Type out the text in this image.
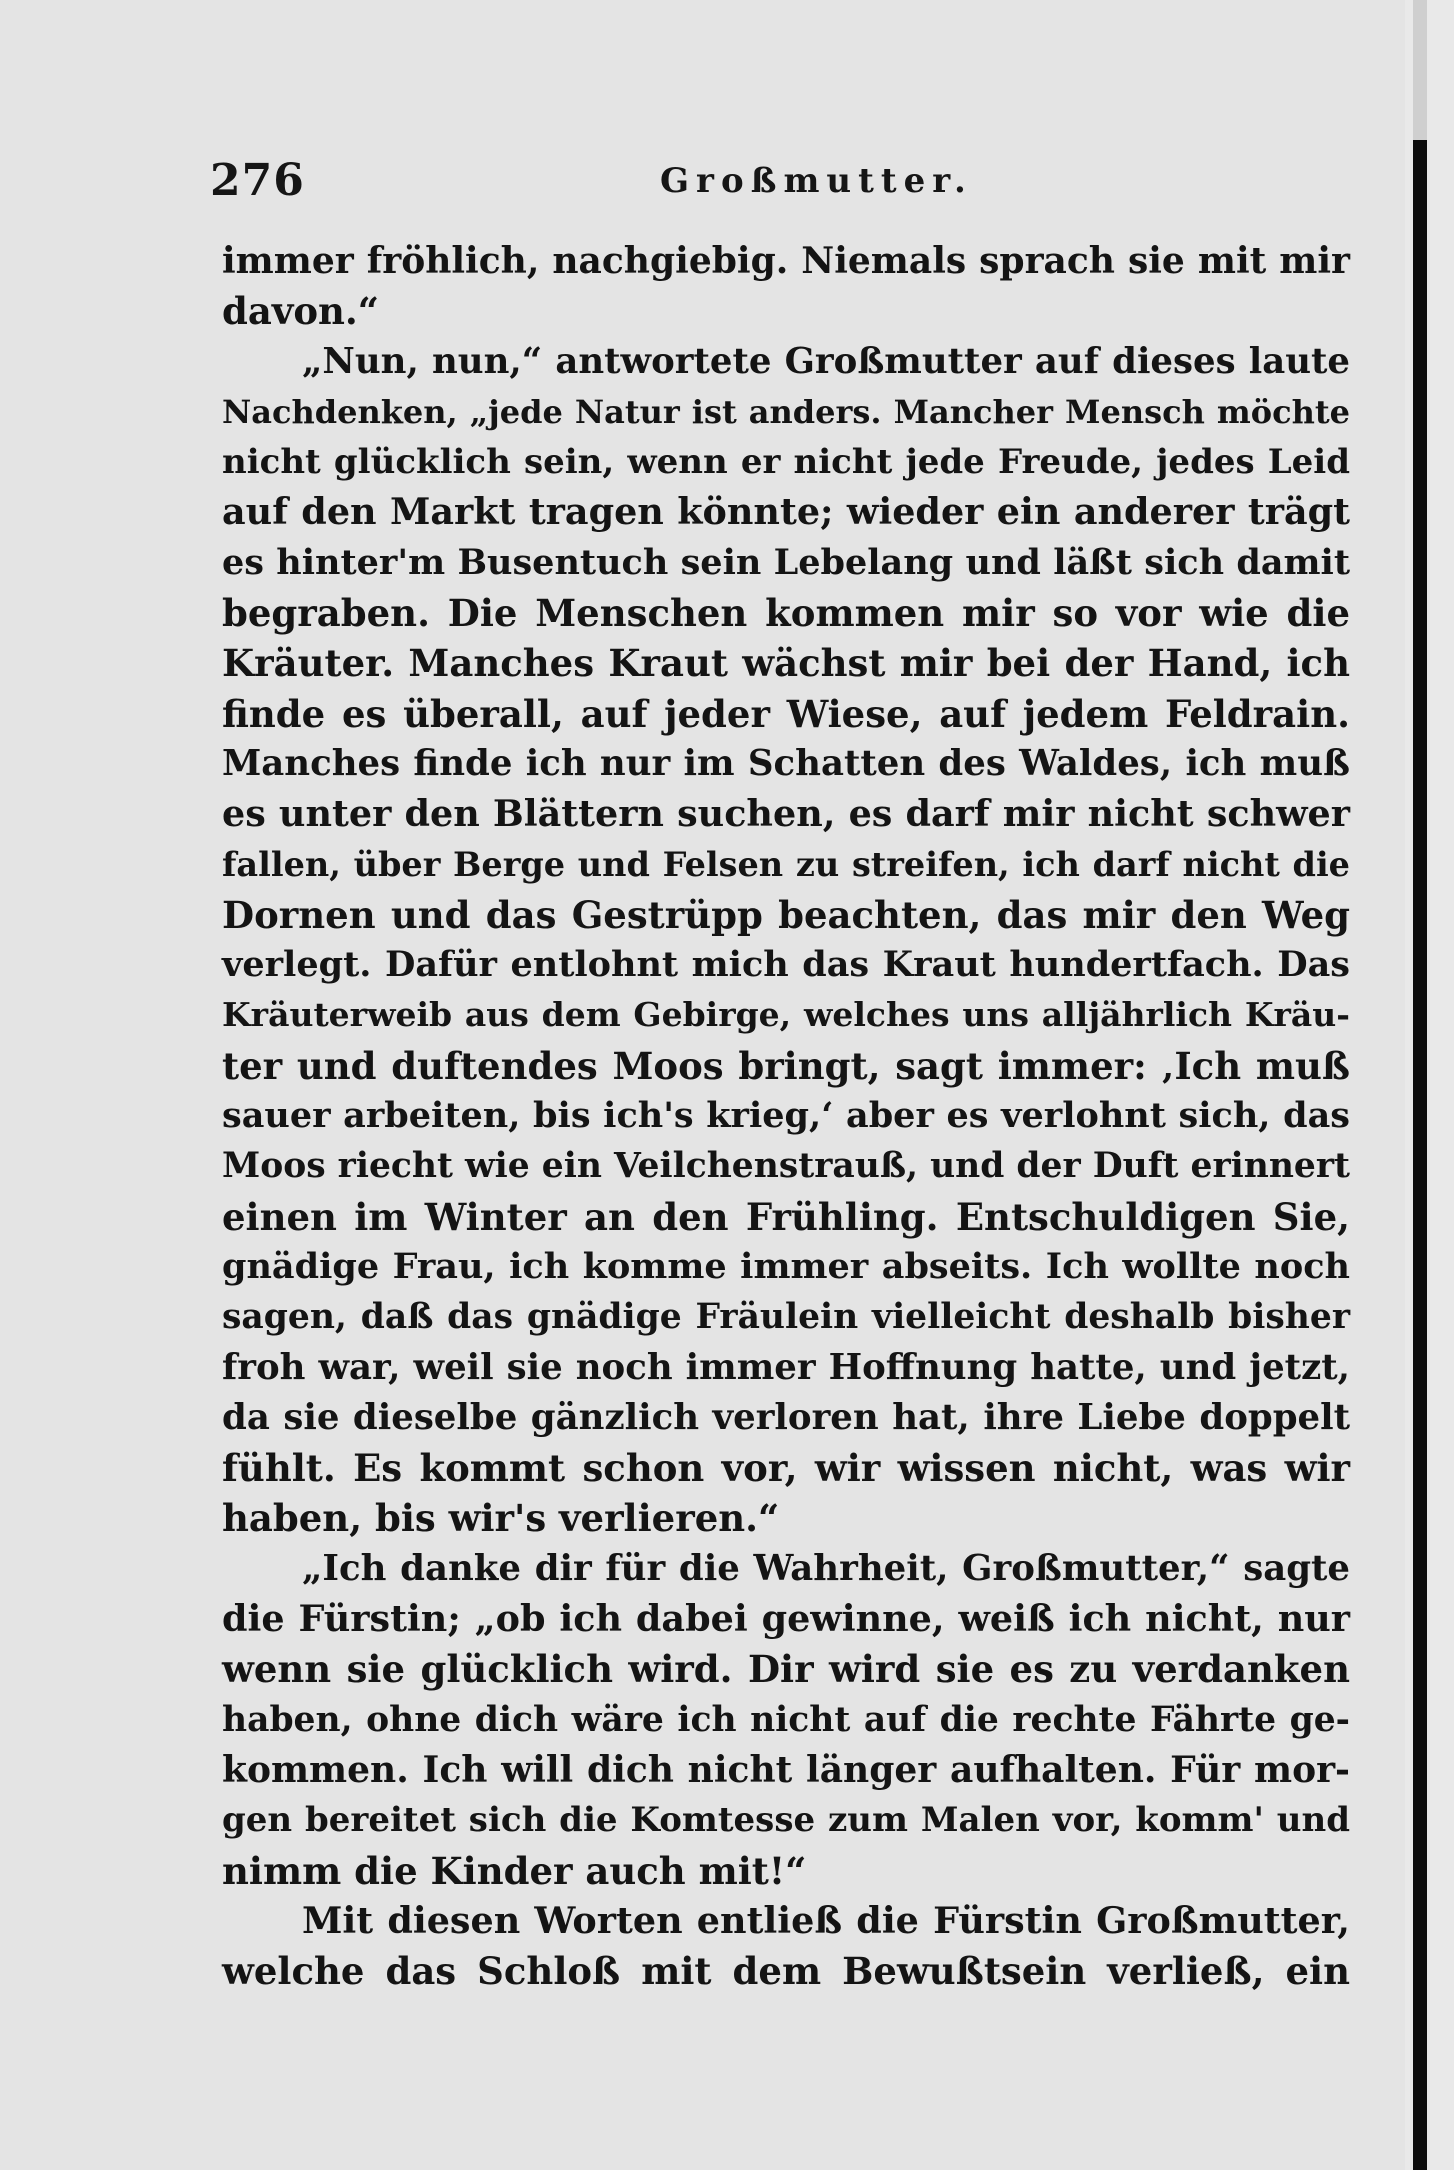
276	Großmutter.
immer fröhlich, nachgiebig. Niemals sprach sie mit mir
davon.“
„Nun, nun,“ antwortete Großmutter auf dieses laute
Nachdenken, „jede Natur ist anders. Mancher Mensch möchte
nicht glücklich sein, wenn er nicht jede Freude, jedes Leid
auf den Markt tragen könnte; wieder ein anderer trägt
es hinter'm Busentuch sein Lebelang und läßt sich damit
begraben. Die Menschen kommen mir so vor wie die
Kräuter. Manches Kraut wächst mir bei der Hand, ich
finde es überall, auf jeder Wiese, auf jedem Feldrain.
Manches finde ich nur im Schatten des Waldes, ich muß
es unter den Blättern suchen, es darf mir nicht schwer
fallen, über Berge und Felsen zu streifen, ich darf nicht die
Dornen und das Gestrüpp beachten, das mir den Weg
verlegt. Dafür entlohnt mich das Kraut hundertfach. Das
Kräuterweib aus dem Gebirge, welches uns alljährlich Kräu-
ter und duftendes Moos bringt, sagt immer: ‚Ich muß
sauer arbeiten, bis ich's krieg,‘ aber es verlohnt sich, das
Moos riecht wie ein Veilchenstrauß, und der Duft erinnert
einen im Winter an den Frühling. Entschuldigen Sie,
gnädige Frau, ich komme immer abseits. Ich wollte noch
sagen, daß das gnädige Fräulein vielleicht deshalb bisher
froh war, weil sie noch immer Hoffnung hatte, und jetzt,
da sie dieselbe gänzlich verloren hat, ihre Liebe doppelt
fühlt. Es kommt schon vor, wir wissen nicht, was wir
haben, bis wir's verlieren.“
„Ich danke dir für die Wahrheit, Großmutter,“ sagte
die Fürstin; „ob ich dabei gewinne, weiß ich nicht, nur
wenn sie glücklich wird. Dir wird sie es zu verdanken
haben, ohne dich wäre ich nicht auf die rechte Fährte ge-
kommen. Ich will dich nicht länger aufhalten. Für mor-
gen bereitet sich die Komtesse zum Malen vor, komm' und
nimm die Kinder auch mit!“
Mit diesen Worten entließ die Fürstin Großmutter,
welche das Schloß mit dem Bewußtsein verließ, ein
